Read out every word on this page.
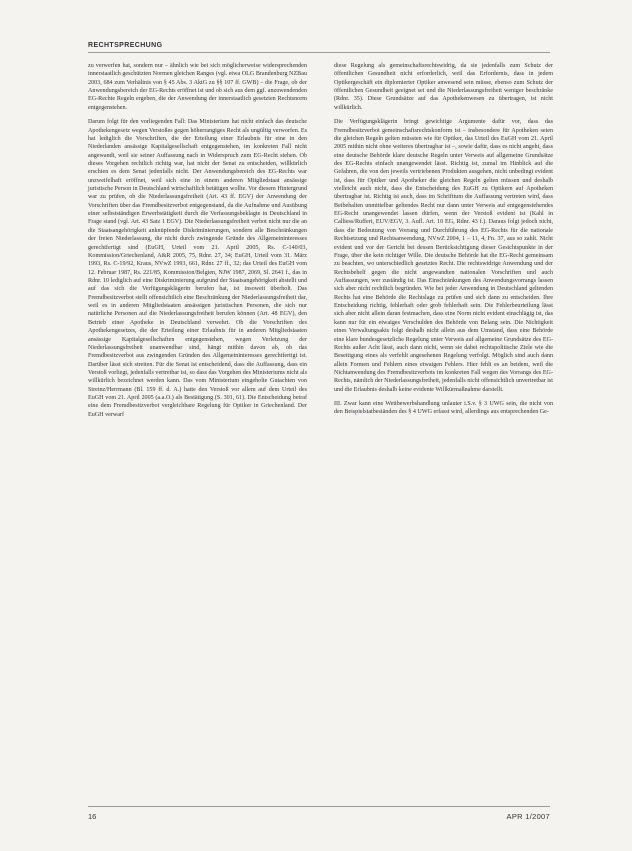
RECHTSPRECHUNG

zu verwerfen hat, sondern nur – ähnlich wie bei sich möglicherweise widersprechenden innerstaatlich geschützten Normen gleichen Ranges (vgl. etwa OLG Brandenburg NZBau 2003, 684 zum Verhältnis von § 45 Abs. 3 AktG zu §§ 107 ff. GWB) – die Frage, ob der Anwendungsbereich der EG-Rechts eröffnet ist und ob sich aus dem ggf. anzuwendenden EG-Rechte Regeln ergeben, die der Anwendung der innerstaatlich gesetzten Rechtsnorm entgegenstehen.

Darum folgt für den vorliegenden Fall: Das Ministerium hat nicht einfach das deutsche Apothekengesetz wegen Verstoßes gegen höherrangiges Recht als ungültig verworfen. Es hat lediglich die Vorschriften, die der Erteilung einer Erlaubnis für eine in den Niederlanden ansässige Kapitalgesellschaft entgegenstehen, im konkreten Fall nicht angewandt, weil sie seiner Auffassung nach in Widerspruch zum EG-Recht stehen. Ob dieses Vorgehen rechtlich richtig war, hat nicht der Senat zu entscheiden, willkürlich erschien es dem Senat jedenfalls nicht. Der Anwendungsbereich des EG-Rechts war unzweifelhaft eröffnet, weil sich eine in einem anderen Mitgliedstaat ansässige juristische Person in Deutschland wirtschaftlich betätigen wollte. Vor diesem Hintergrund war zu prüfen, ob die Niederlassungsfreiheit (Art. 43 ff. EGV) der Anwendung der Vorschriften über das Fremdbesitzverbot entgegenstand, da die Aufnahme und Ausübung einer selbstständigen Erwerbstätigkeit durch die Verfassungsbeklagte in Deutschland in Frage stand (vgl. Art. 43 Satz 1 EGV). Die Niederlassungsfreiheit verbot nicht nur die an die Staatsangehörigkeit anknüpfende Diskriminierungen, sondern alle Beschränkungen der freien Niederlassung, die nicht durch zwingende Gründe des Allgemeininteresses gerechtfertigt sind (EuGH, Urteil vom 21. April 2005, Rs. C-140/03, Kommission/Griechenland, A&R 2005, 75, Rdnr. 27, 34; EuGH, Urteil vom 31. März 1993, Rs. C-19/92, Kraus, NVwZ 1993, 661, Rdnr. 27 ff., 32; das Urteil des EuGH vom 12. Februar 1987, Rs. 221/85, Kommission/Belgien, NJW 1987, 2069, Sl. 2641 f., das in Rdnr. 10 lediglich auf eine Diskriminierung aufgrund der Staatsangehörigkeit abstellt und auf das sich die Verfügungsklägerin berufen hat, ist insoweit überholt. Das Fremdbesitzverbot stellt offensichtlich eine Beschränkung der Niederlassungsfreiheit dar, weil es in anderen Mitgliedstaaten ansässigen juristischen Personen, die sich nur natürliche Personen auf die Niederlassungsfreiheit berufen können (Art. 48 EGV), den Betrieb einer Apotheke in Deutschland verwehrt. Ob die Vorschriften des Apothekengesetzes, die der Erteilung einer Erlaubnis für in anderen Mitgliedstaaten ansässige Kapitalgesellschaften entgegenstehen, wegen Verletzung der Niederlassungsfreiheit unanwendbar sind, hängt mithin davon ab, ob das Fremdbesitzverbot aus zwingenden Gründen des Allgemeininteresses gerechtfertigt ist. Darüber lässt sich streiten. Für die Senat ist entscheidend, dass die Auffassung, dass ein Verstoß vorliegt, jedenfalls vertretbar ist, so dass das Vorgehen des Ministeriums nicht als willkürlich bezeichnet werden kann. Das vom Ministerium eingeholte Gutachten von Streinz/Herrmann (Bl. 159 ff. d. A.) hatte den Verstoß vor allem auf dem Urteil des EuGH vom 21. April 2005 (a.a.O.) als Bestätigung (S. 301, 61). Die Entscheidung betraf eine dem Fremdbesitzverbot vergleichbare Regelung für Optiker in Griechenland. Der EuGH verwarf

diese Regelung als gemeinschaftsrechtswidrig, da sie jedenfalls zum Schutz der öffentlichen Gesundheit nicht erforderlich, weil das Erfordernis, dass in jedem Optikergeschäft ein diplomierter Optiker anwesend sein müsse, ebenso zum Schutz der öffentlichen Gesundheit geeignet sei und die Niederlassungsfreiheit weniger beschränke (Rdnr. 35). Diese Grundsätze auf das Apothekenwesen zu übertragen, ist nicht willkürlich.

Die Verfügungsklägerin bringt gewichtige Argumente dafür vor, dass das Fremdbesitzverbot gemeinschaftsrechtskonform ist – insbesondere für Apotheken seien die gleichen Regeln gelten müssten wie für Optiker, das Urteil des EuGH vom 21. April 2005 mithin nicht ohne weiteres übertragbar ist –, sowie dafür, dass es nicht angeht, dass eine deutsche Behörde klare deutsche Regeln unter Verweis auf allgemeine Grundsätze des EG-Rechts einfach unangewendet lässt. Richtig ist, zumal im Hinblick auf die Gefahren, die von den jeweils vertriebenen Produkten ausgehen, nicht unbedingt evident ist, dass für Optiker und Apotheker die gleichen Regeln gelten müssen und deshalb vielleicht auch nicht, dass die Entscheidung des EuGH zu Optikern auf Apotheken übertragbar ist. Richtig ist auch, dass im Schrifttum die Auffassung vertreten wird, dass Beibehalten unmittelbar geltendes Recht nur dann unter Verweis auf entgegenstehendes EG-Recht unangewendet lassen dürfen, wenn der Verstoß evident ist (Kahl in Calliess/Ruffert, EUV/EGV, 3. Aufl. Art. 10 EG, Rdnr. 43 f.). Daraus folgt jedoch nicht, dass die Bedeutung von Vorrang und Durchführung des EG-Rechts für die nationale Rechtsetzung und Rechtsanwendung, NVwZ 2004, 1 – 11, 4, Fn. 37, aus so zahlt. Nicht evident und vor der Gericht bei dessen Berücksichtigung dieser Gesichtspunkte in der Frage, über die kein richtiger Wille. Die deutsche Behörde hat die EG-Recht gemeinsam zu beachten, wo unterschiedlich gesetztes Recht. Die rechtswidrige Anwendung und der Rechtsbehelf gegen die nicht angewandten nationalen Vorschriften und auch Auffassungen, wer zuständig ist. Das Einschränkungen des Anwendungsvorrangs lassen sich aber nicht rechtlich begründen. Wie bei jeder Anwendung in Deutschland geltenden Rechts hat eine Behörde die Rechtslage zu prüfen und sich dann zu entscheiden. Ihre Entscheidung richtig, fehlerhaft oder grob fehlerhaft sein. Die Fehlerbeurteilung lässt sich aber nicht allein daran festmachen, dass eine Norm nicht evident einschlägig ist, das kann nur für ein etwaiges Verschulden des Behörde von Belang sein. Die Nichtigkeit eines Verwaltungsakts folgt deshalb nicht allein aus dem Umstand, dass eine Behörde eine klare bundesgesetzliche Regelung unter Verweis auf allgemeine Grundsätze des EG-Rechts außer Acht lässt, auch dann nicht, wenn sie dabei rechtspolitische Ziele wie die Beseitigung eines als verfehlt angesehenen Regelung verfolgt. Möglich sind auch dann allein Formen und Fehlern eines etwaigen Fehlers. Hier fehlt es an beidem, weil die Nichtanwendung des Fremdbesitzverbots im konkreten Fall wegen des Vorrangs des EG-Rechts, nämlich der Niederlassungsfreiheit, jedenfalls nicht offensichtlich unvertretbar ist und die Erlaubnis deshalb keine evidente Willkürmaßnahme darstellt.

III. Zwar kann eine Wettbewerbshandlung unlauter i.S.v. § 3 UWG sein, die nicht von den Beispielstatbeständen des § 4 UWG erfasst wird, allerdings aus entsprechenden Ge-

16	APR 1/2007
